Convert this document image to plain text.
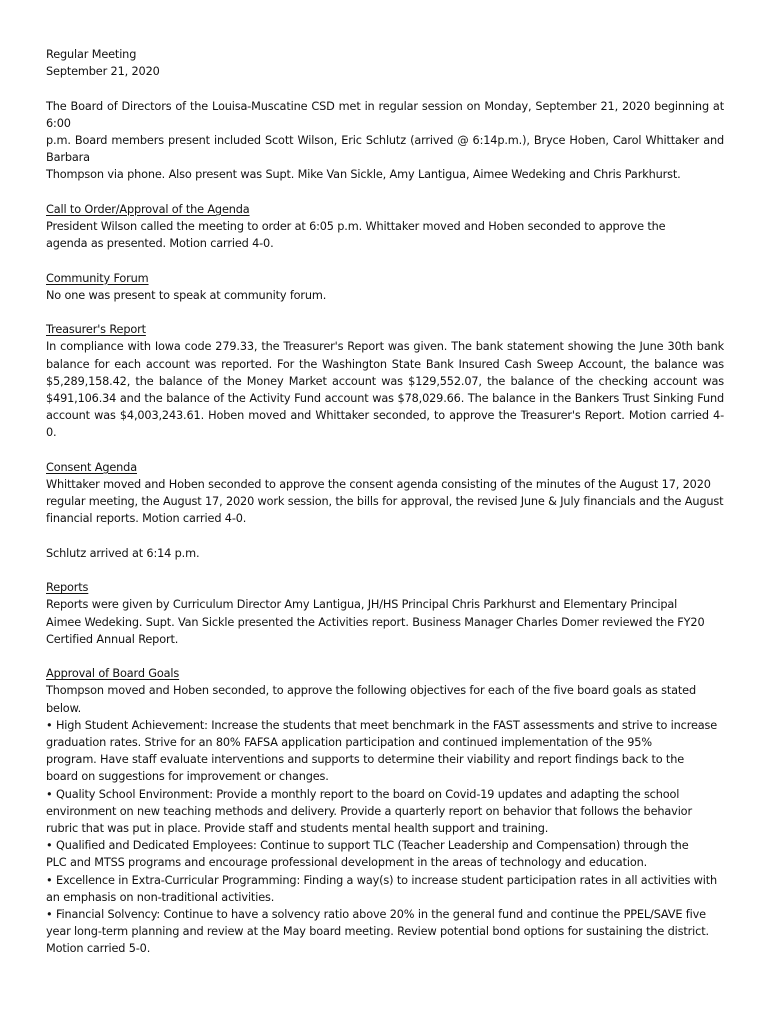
Regular Meeting
September 21, 2020
The Board of Directors of the Louisa-Muscatine CSD met in regular session on Monday, September 21, 2020 beginning at 6:00
p.m. Board members present included Scott Wilson, Eric Schlutz (arrived @ 6:14p.m.), Bryce Hoben, Carol Whittaker and Barbara
Thompson via phone. Also present was Supt. Mike Van Sickle, Amy Lantigua, Aimee Wedeking and Chris Parkhurst.
Call to Order/Approval of the Agenda
President Wilson called the meeting to order at 6:05 p.m. Whittaker moved and Hoben seconded to approve the
agenda as presented. Motion carried 4-0.
Community Forum
No one was present to speak at community forum.
Treasurer's Report
In compliance with Iowa code 279.33, the Treasurer's Report was given. The bank statement showing the June 30th bank
balance for each account was reported. For the Washington State Bank Insured Cash Sweep Account, the balance was
$5,289,158.42, the balance of the Money Market account was $129,552.07, the balance of the checking account was
$491,106.34 and the balance of the Activity Fund account was $78,029.66. The balance in the Bankers Trust Sinking Fund
account was $4,003,243.61. Hoben moved and Whittaker seconded, to approve the Treasurer's Report. Motion carried 4-
0.
Consent Agenda
Whittaker moved and Hoben seconded to approve the consent agenda consisting of the minutes of the August 17, 2020
regular meeting, the August 17, 2020 work session, the bills for approval, the revised June & July financials and the August
financial reports. Motion carried 4-0.
Schlutz arrived at 6:14 p.m.
Reports
Reports were given by Curriculum Director Amy Lantigua, JH/HS Principal Chris Parkhurst and Elementary Principal
Aimee Wedeking. Supt. Van Sickle presented the Activities report. Business Manager Charles Domer reviewed the FY20
Certified Annual Report.
Approval of Board Goals
Thompson moved and Hoben seconded, to approve the following objectives for each of the five board goals as stated
below.
• High Student Achievement: Increase the students that meet benchmark in the FAST assessments and strive to increase
graduation rates. Strive for an 80% FAFSA application participation and continued implementation of the 95%
program. Have staff evaluate interventions and supports to determine their viability and report findings back to the
board on suggestions for improvement or changes.
• Quality School Environment: Provide a monthly report to the board on Covid-19 updates and adapting the school
environment on new teaching methods and delivery. Provide a quarterly report on behavior that follows the behavior
rubric that was put in place. Provide staff and students mental health support and training.
• Qualified and Dedicated Employees: Continue to support TLC (Teacher Leadership and Compensation) through the
PLC and MTSS programs and encourage professional development in the areas of technology and education.
• Excellence in Extra-Curricular Programming: Finding a way(s) to increase student participation rates in all activities with
an emphasis on non-traditional activities.
• Financial Solvency: Continue to have a solvency ratio above 20% in the general fund and continue the PPEL/SAVE five
year long-term planning and review at the May board meeting. Review potential bond options for sustaining the district.
Motion carried 5-0.
